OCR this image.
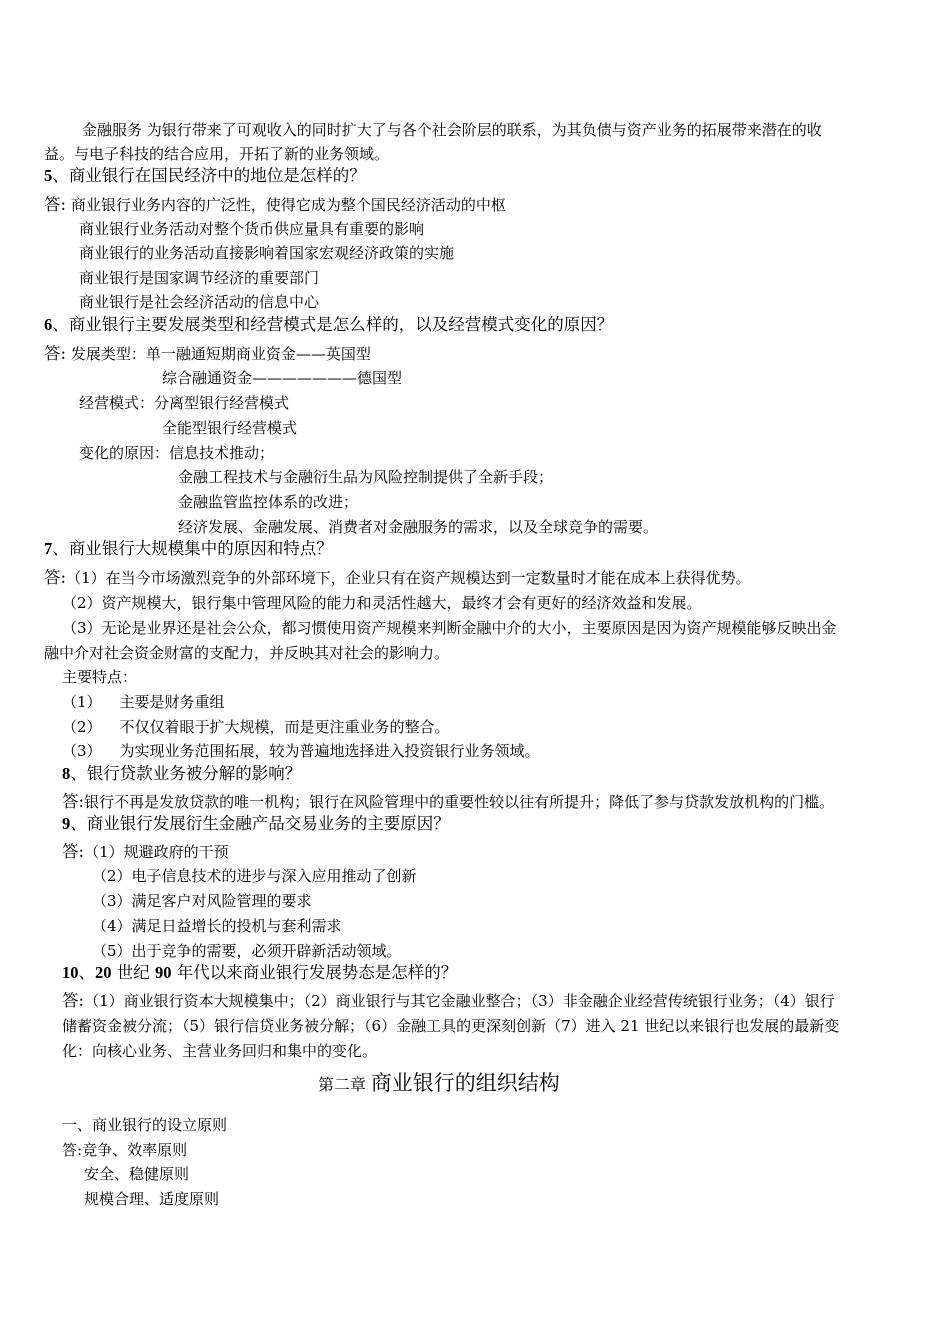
金融服务 为银行带来了可观收入的同时扩大了与各个社会阶层的联系，为其负债与资产业务的拓展带来潜在的收
益。与电子科技的结合应用，开拓了新的业务领域。
5、商业银行在国民经济中的地位是怎样的？
答: 商业银行业务内容的广泛性，使得它成为整个国民经济活动的中枢
商业银行业务活动对整个货币供应量具有重要的影响
商业银行的业务活动直接影响着国家宏观经济政策的实施
商业银行是国家调节经济的重要部门
商业银行是社会经济活动的信息中心
6、商业银行主要发展类型和经营模式是怎么样的，以及经营模式变化的原因？
答: 发展类型：单一融通短期商业资金——英国型
综合融通资金———————德国型
经营模式：分离型银行经营模式
全能型银行经营模式
变化的原因：信息技术推动；
金融工程技术与金融衍生品为风险控制提供了全新手段；
金融监管监控体系的改进；
经济发展、金融发展、消费者对金融服务的需求，以及全球竞争的需要。
7、商业银行大规模集中的原因和特点？
答:（1）在当今市场激烈竞争的外部环境下，企业只有在资产规模达到一定数量时才能在成本上获得优势。
（2）资产规模大，银行集中管理风险的能力和灵活性越大，最终才会有更好的经济效益和发展。
（3）无论是业界还是社会公众，都习惯使用资产规模来判断金融中介的大小，主要原因是因为资产规模能够反映出金
融中介对社会资金财富的支配力，并反映其对社会的影响力。
主要特点：
（1） 主要是财务重组
（2） 不仅仅着眼于扩大规模，而是更注重业务的整合。
（3） 为实现业务范围拓展，较为普遍地选择进入投资银行业务领域。
8、银行贷款业务被分解的影响？
答:银行不再是发放贷款的唯一机构；银行在风险管理中的重要性较以往有所提升；降低了参与贷款发放机构的门槛。
9、商业银行发展衍生金融产品交易业务的主要原因？
答:（1）规避政府的干预
（2）电子信息技术的进步与深入应用推动了创新
（3）满足客户对风险管理的要求
（4）满足日益增长的投机与套利需求
（5）出于竞争的需要，必须开辟新活动领域。
10、20 世纪 90 年代以来商业银行发展势态是怎样的？
答:（1）商业银行资本大规模集中；（2）商业银行与其它金融业整合；（3）非金融企业经营传统银行业务；（4）银行
储蓄资金被分流；（5）银行信贷业务被分解；（6）金融工具的更深刻创新（7）进入 21 世纪以来银行也发展的最新变
化：向核心业务、主营业务回归和集中的变化。
第二章 商业银行的组织结构
一、商业银行的设立原则
答:竞争、效率原则
安全、稳健原则
规模合理、适度原则
